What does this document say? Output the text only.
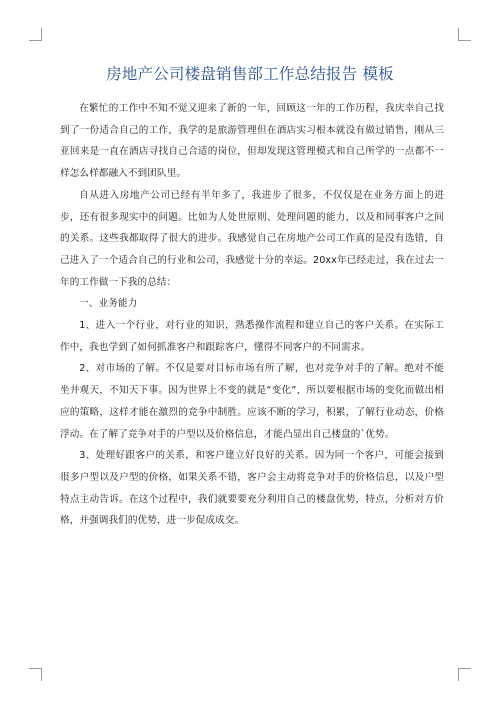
房地产公司楼盘销售部工作总结报告 模板

在繁忙的工作中不知不觉又迎来了新的一年，回顾这一年的工作历程，我庆幸自己找到了一份适合自己的工作，我学的是旅游管理但在酒店实习根本就没有做过销售，刚从三亚回来是一直在酒店寻找自己合适的岗位，但却发现这管理模式和自己所学的一点都不一样怎么样都融入不到团队里。

自从进入房地产公司已经有半年多了，我进步了很多，不仅仅是在业务方面上的进步，还有很多现实中的问题。比如为人处世原则、处理问题的能力，以及和同事客户之间的关系。这些我都取得了很大的进步。我感觉自己在房地产公司工作真的是没有选错，自己进入了一个适合自己的行业和公司，我感觉十分的幸运。20xx年已经走过，我在过去一年的工作做一下我的总结：

一、业务能力

1、进入一个行业，对行业的知识，熟悉操作流程和建立自己的客户关系。在实际工作中，我也学到了如何抓准客户和跟踪客户，懂得不同客户的不同需求。

2、对市场的了解。不仅是要对目标市场有所了解，也对竞争对手的了解。绝对不能坐井观天，不知天下事。因为世界上不变的就是“变化”，所以要根据市场的变化而做出相应的策略，这样才能在激烈的竞争中制胜。应该不断的学习，积累，了解行业动态，价格浮动。在了解了竞争对手的户型以及价格信息，才能凸显出自己楼盘的`优势。

3、处理好跟客户的关系，和客户建立好良好的关系。因为同一个客户，可能会接到很多户型以及户型的价格，如果关系不错，客户会主动将竞争对手的价格信息，以及户型特点主动告诉。在这个过程中，我们就要要充分利用自己的楼盘优势，特点，分析对方价格，并强调我们的优势，进一步促成成交。
